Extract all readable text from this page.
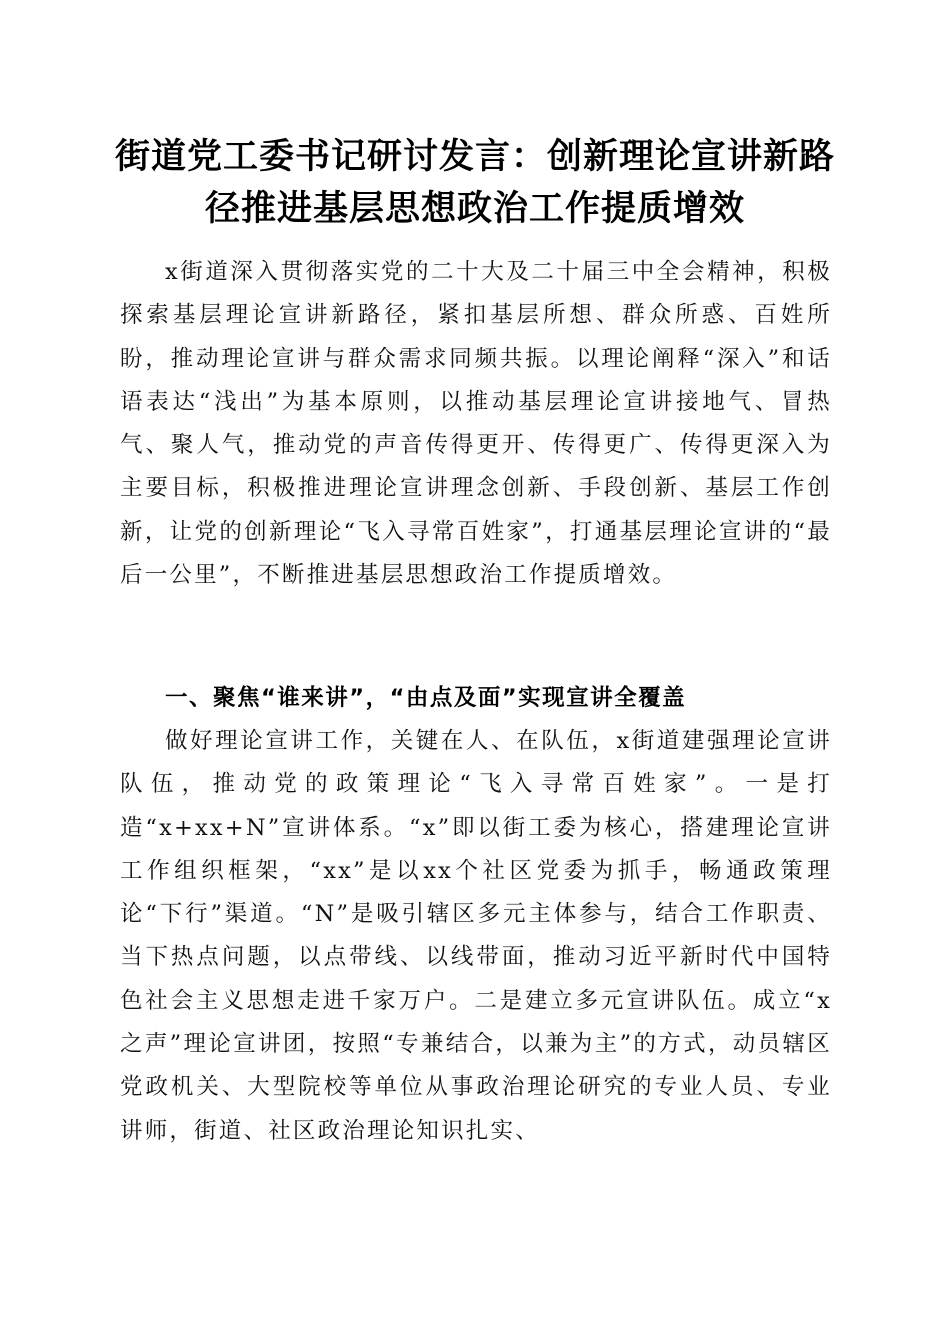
街道党工委书记研讨发言：创新理论宣讲新路径推进基层思想政治工作提质增效

x街道深入贯彻落实党的二十大及二十届三中全会精神，积极探索基层理论宣讲新路径，紧扣基层所想、群众所惑、百姓所盼，推动理论宣讲与群众需求同频共振。以理论阐释“深入”和话语表达“浅出”为基本原则，以推动基层理论宣讲接地气、冒热气、聚人气，推动党的声音传得更开、传得更广、传得更深入为主要目标，积极推进理论宣讲理念创新、手段创新、基层工作创新，让党的创新理论“飞入寻常百姓家”，打通基层理论宣讲的“最后一公里”，不断推进基层思想政治工作提质增效。

一、聚焦“谁来讲”，“由点及面”实现宣讲全覆盖

做好理论宣讲工作，关键在人、在队伍，x街道建强理论宣讲队伍，推动党的政策理论“飞入寻常百姓家”。一是打造“x+xx+N”宣讲体系。“x”即以街工委为核心，搭建理论宣讲工作组织框架，“xx”是以xx个社区党委为抓手，畅通政策理论“下行”渠道。“N”是吸引辖区多元主体参与，结合工作职责、当下热点问题，以点带线、以线带面，推动习近平新时代中国特色社会主义思想走进千家万户。二是建立多元宣讲队伍。成立“x之声”理论宣讲团，按照“专兼结合，以兼为主”的方式，动员辖区党政机关、大型院校等单位从事政治理论研究的专业人员、专业讲师，街道、社区政治理论知识扎实、
